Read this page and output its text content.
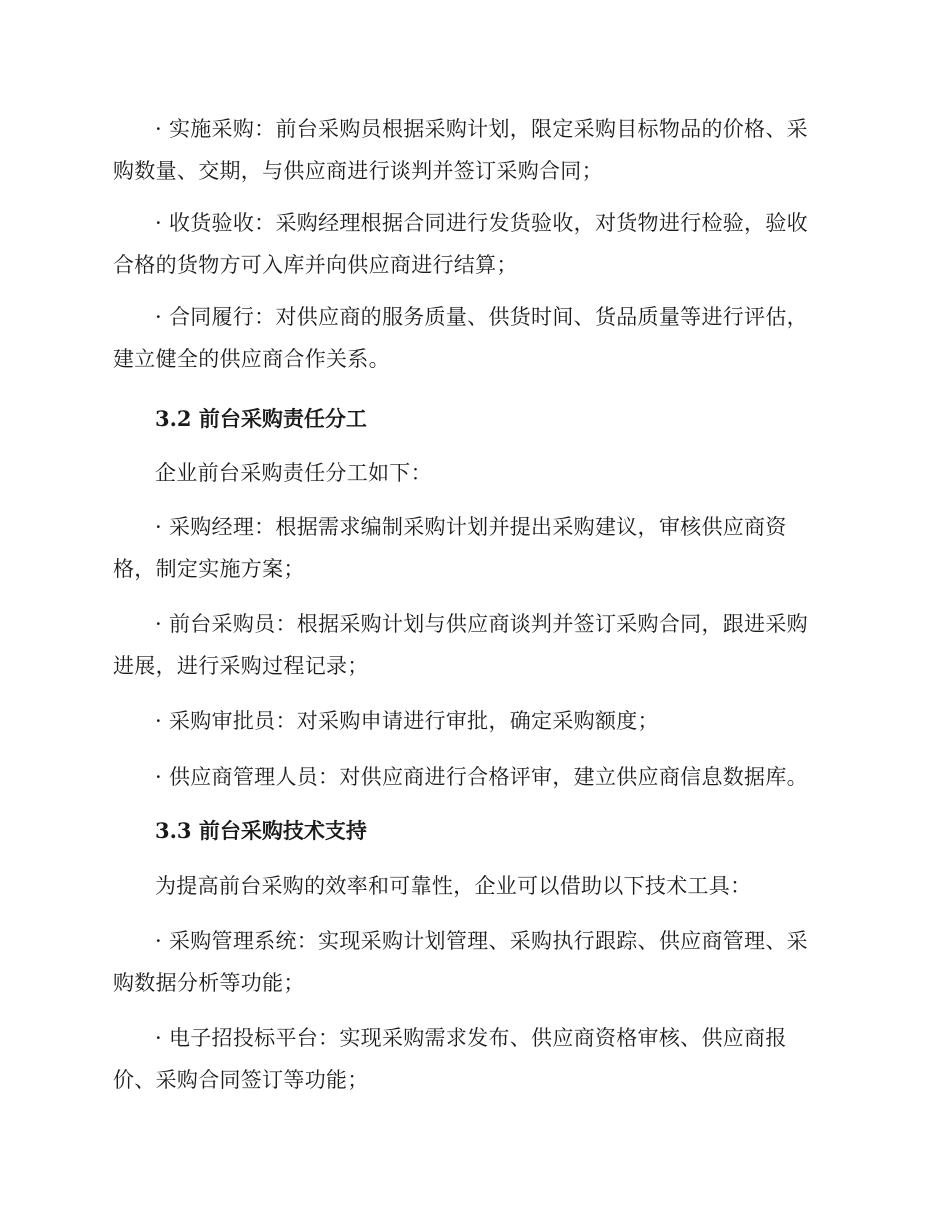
· 实施采购：前台采购员根据采购计划，限定采购目标物品的价格、采购数量、交期，与供应商进行谈判并签订采购合同；

· 收货验收：采购经理根据合同进行发货验收，对货物进行检验，验收合格的货物方可入库并向供应商进行结算；

· 合同履行：对供应商的服务质量、供货时间、货品质量等进行评估，建立健全的供应商合作关系。

3.2 前台采购责任分工

企业前台采购责任分工如下：

· 采购经理：根据需求编制采购计划并提出采购建议，审核供应商资格，制定实施方案；

· 前台采购员：根据采购计划与供应商谈判并签订采购合同，跟进采购进展，进行采购过程记录；

· 采购审批员：对采购申请进行审批，确定采购额度；

· 供应商管理人员：对供应商进行合格评审，建立供应商信息数据库。

3.3 前台采购技术支持

为提高前台采购的效率和可靠性，企业可以借助以下技术工具：

· 采购管理系统：实现采购计划管理、采购执行跟踪、供应商管理、采购数据分析等功能；

· 电子招投标平台：实现采购需求发布、供应商资格审核、供应商报价、采购合同签订等功能；
